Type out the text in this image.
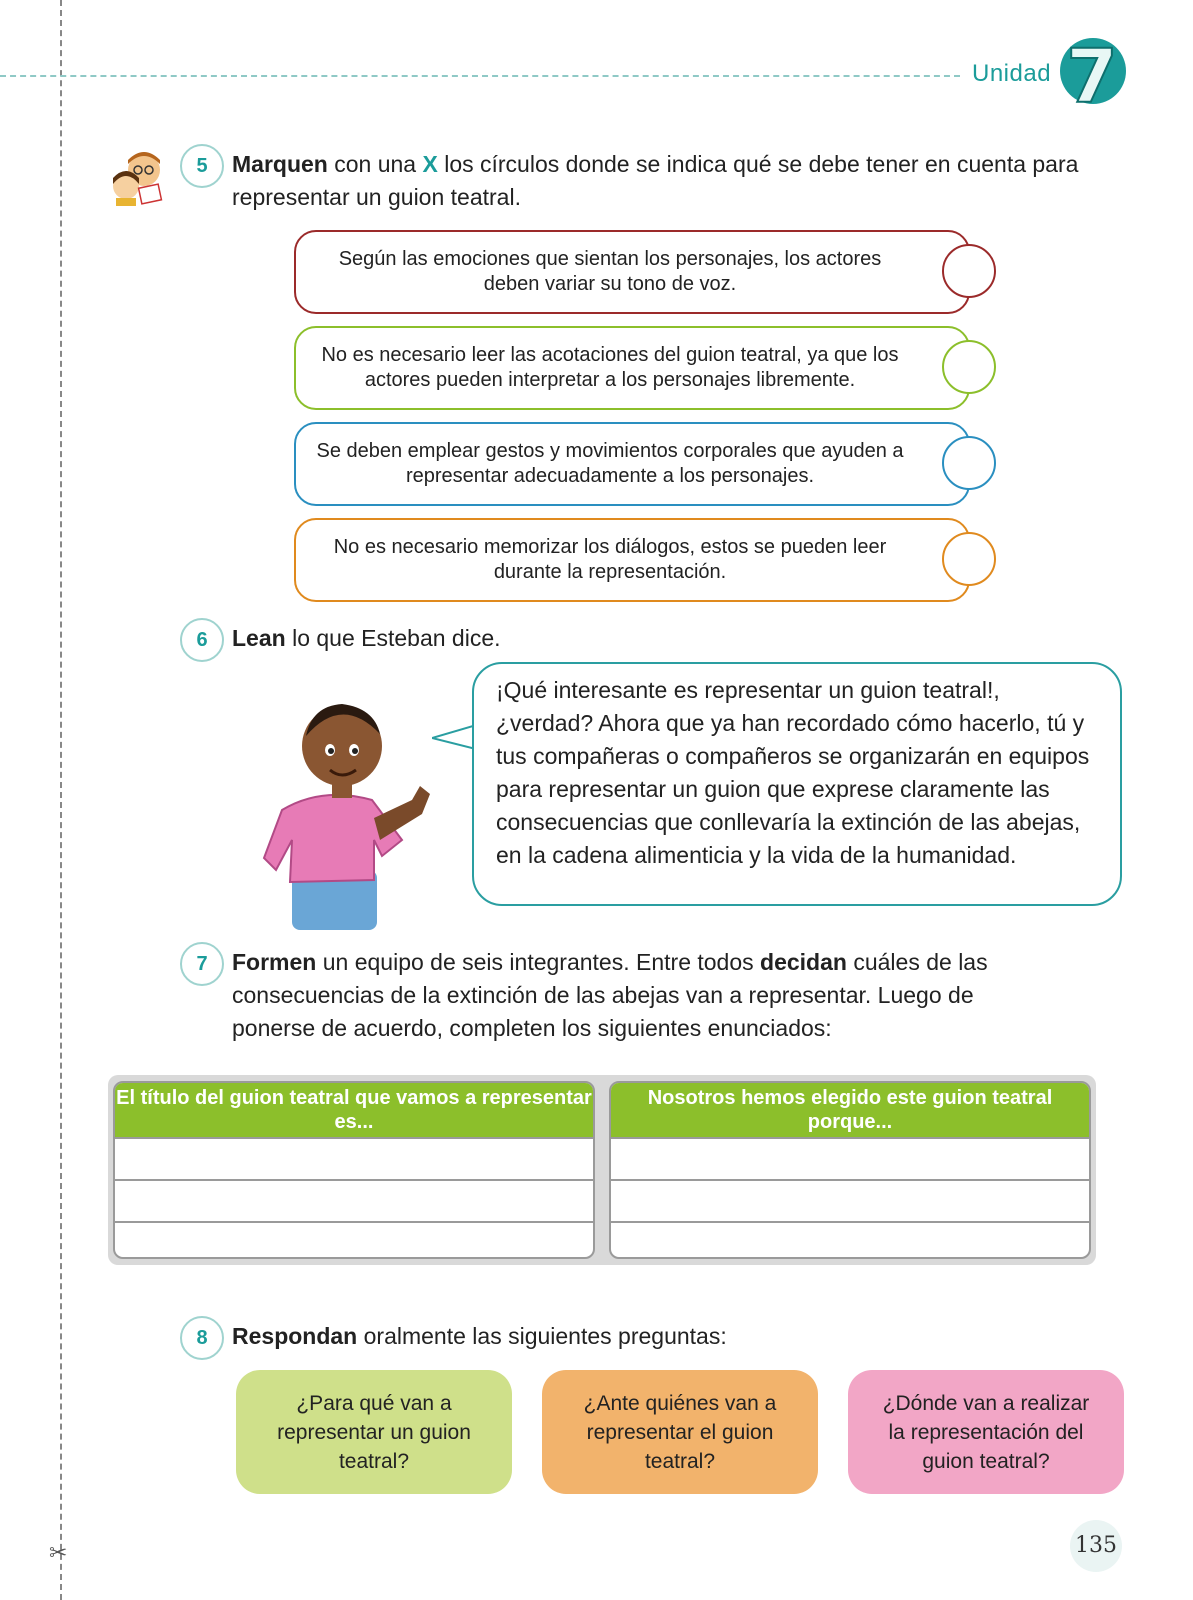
Unidad 7
5	Marquen con una X los círculos donde se indica qué se debe tener en cuenta para representar un guion teatral.
Según las emociones que sientan los personajes, los actores deben variar su tono de voz.
No es necesario leer las acotaciones del guion teatral, ya que los actores pueden interpretar a los personajes libremente.
Se deben emplear gestos y movimientos corporales que ayuden a representar adecuadamente a los personajes.
No es necesario memorizar los diálogos, estos se pueden leer durante la representación.
6	Lean lo que Esteban dice.
¡Qué interesante es representar un guion teatral!, ¿verdad? Ahora que ya han recordado cómo hacerlo, tú y tus compañeras o compañeros se organizarán en equipos para representar un guion que exprese claramente las consecuencias que conllevaría la extinción de las abejas, en la cadena alimenticia y la vida de la humanidad.
7	Formen un equipo de seis integrantes. Entre todos decidan cuáles de las consecuencias de la extinción de las abejas van a representar. Luego de ponerse de acuerdo, completen los siguientes enunciados:
El título del guion teatral que vamos a representar es...
Nosotros hemos elegido este guion teatral porque...
8	Respondan oralmente las siguientes preguntas:
¿Para qué van a representar un guion teatral?
¿Ante quiénes van a representar el guion teatral?
¿Dónde van a realizar la representación del guion teatral?
✂	135
